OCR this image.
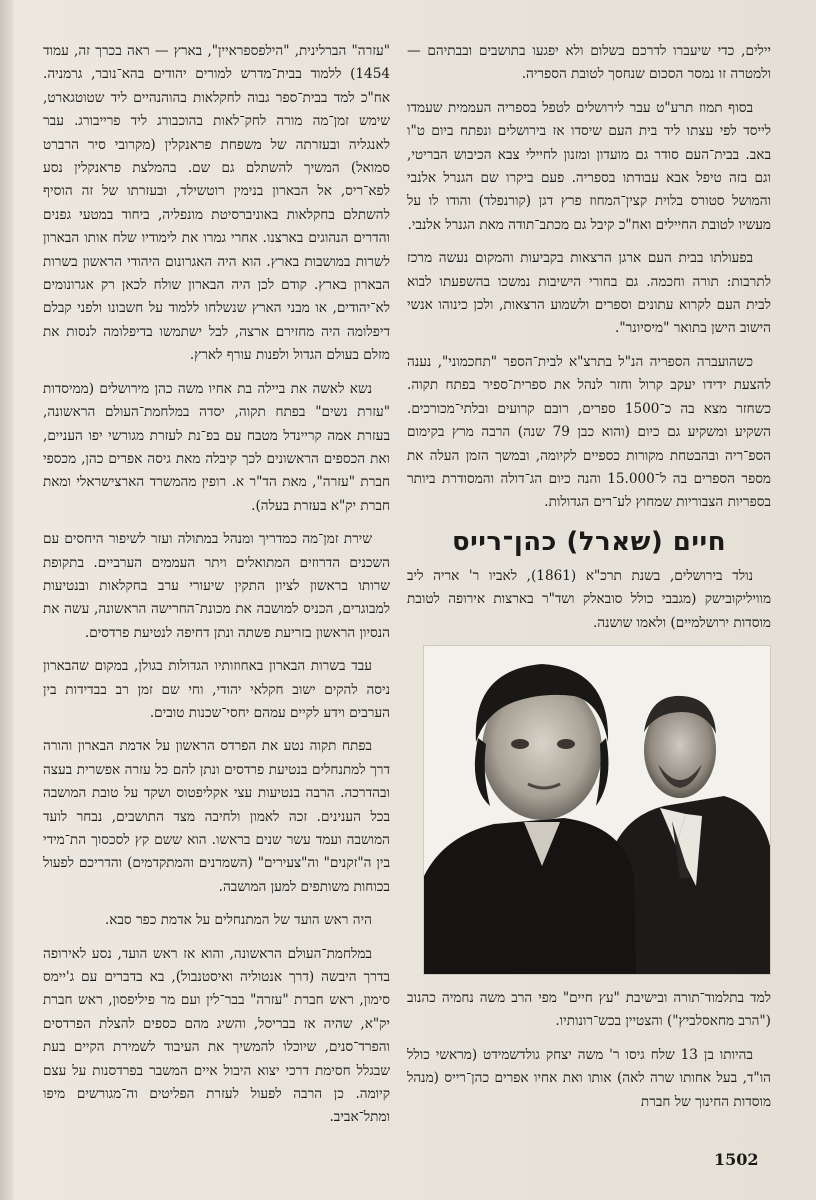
יילים, כדי שיעברו לדרכם בשלום ולא יפגעו בתושבים ובבתיהם — ולמטרה זו נמסר הסכום שנחסך לטובת הספריה.

בסוף תמוז תרע"ט עבר לירושלים לטפל בספריה העממית שעמדו לייסד לפי עצתו ליד בית העם שיסדו אז בירושלים ונפתח ביום ט"ו באב. בבית־העם סודר גם מועדון ומזנון לחיילי צבא הכיבוש הבריטי, וגם בזה טיפל אבא עבודתו בספריה. פעם ביקרו שם הגנרל אלנבי והמושל סטורס בלוית קצין־המחוז פרץ דגן (קורנפלד) והודו לו על מעשיו לטובת החיילים ואח"כ קיבל גם מכתב־תודה מאת הגנרל אלנבי.

בפעולתו בבית העם ארגן הרצאות בקביעות והמקום נעשה מרכז לתרבות: תורה וחכמה. גם בחורי הישיבות נמשכו בהשפעתו לבוא לבית העם לקרוא עתונים וספרים ולשמוע הרצאות, ולכן כינוהו אנשי הישוב הישן בתואר "מיסיונר".

כשהועברה הספריה הנ"ל בתרצ"א לבית־הספר "תחכמוני", נענה להצעת ידידו יעקב קרול וחזר לנהל את ספרית־ספיר בפתח תקוה. כשחזר מצא בה כ־1500 ספרים, רובם קרועים ובלתי־מכורכים. השקיע ומשקיע גם כיום (והוא כבן 79 שנה) הרבה מרץ בקימום הספ־ריה ובהבטחת מקורות כספיים לקיומה, ובמשך הזמן העלה את מספר הספרים בה ל־15.000 והנה כיום הג־דולה והמסודרת ביותר בספריות הצבוריות שמחוץ לע־רים הגדולות.

חיים (שארל) כהן־רייס

נולד בירושלים, בשנת תרכ"א (1861), לאביו ר' אריה ליב מוויליקובישק (מגבבי כולל סובאלק ושד"ר בארצות אירופה לטובת מוסדות ירושלמיים) ולאמו שושנה.

למד בתלמוד־תורה ובישיבת "עץ חיים" מפי הרב משה נחמיה כהנוב ("הרב מחאסלביץ") והצטיין בכש־רונותיו.

בהיותו בן 13 שלח גיסו ר' משה יצחק גולדשמידט (מראשי כולל הו"ד, בעל אחותו שרה לאה) אותו ואת אחיו אפרים כהן־רייס (מנהל מוסדות החינוך של חברת

"עזרה" הברלינית, "הילפספראיין", בארץ — ראה בכרך זה, עמוד 1454) ללמוד בבית־מדרש למורים יהודים בהא־נובר, גרמניה. אח"כ למד בבית־ספר גבוה לחקלאות בהוהנהיים ליד שטוטגארט, שימש זמן־מה מורה לחק־לאות בהוכבורג ליד פרייבורג. עבר לאנגליה ובעזרתה של משפחת פראנקלין (מקרובי סיר הרברט סמואל) המשיך להשתלם גם שם. בהמלצת פראנקלין נסע לפא־ריס, אל הבארון בנימין רוטשילד, ובעזרתו של זה הוסיף להשתלם בחקלאות באוניברסיטת מונפליה, ביחוד במטעי גפנים והדרים הנהוגים בארצנו. אחרי גמרו את לימודיו שלח אותו הבארון לשרות במושבות בארץ. הוא היה האגרונום היהודי הראשון בשרות הבארון בארץ. קודם לכן היה הבארון שולח לכאן רק אגרונומים לא־יהודים, או מבני הארץ שנשלחו ללמוד על חשבונו ולפני קבלם דיפלומה היה מחזירם ארצה, לבל ישתמשו בדיפלומה לנסות את מזלם בעולם הגדול ולפנות עורף לארץ.

נשא לאשה את ביילה בת אחיו משה כהן מירושלים (ממיסדות "עזרת נשים" בפתח תקוה, יסדה במלחמת־העולם הראשונה, בעזרת אמה קריינדל מטבח עם בפ־נת לעזרת מגורשי יפו העניים, ואת הכספים הראשונים לכך קיבלה מאת גיסה אפרים כהן, מכספי חברת "עזרה", מאת הד"ר א. רופין מהמשרד הארצישראלי ומאת חברת יק"א בעזרת בעלה).

שירת זמן־מה כמדריך ומנהל במתולה ועזר לשיפור היחסים עם השכנים הדרוזים המתואלים ויתר העממים הערביים. בתקופת שרותו בראשון לציון התקין שיעורי ערב בחקלאות ובנטיעות למבוגרים, הכניס למושבה את מכונת־החרישה הראשונה, עשה את הנסיון הראשון בזריעת פשתה ונתן דחיפה לנטיעת פרדסים.

עבד בשרות הבארון באחוזותיו הגדולות בגולן, במקום שהבארון ניסה להקים ישוב חקלאי יהודי, וחי שם זמן רב בבדידות בין הערבים וידע לקיים עמהם יחסי־שכנות טובים.

בפתח תקוה נטע את הפרדס הראשון על אדמת הבארון והורה דרך למתנחלים בנטיעת פרדסים ונתן להם כל עזרה אפשרית בעצה ובהדרכה. הרבה בנטיעות עצי אקליפטוס ושקד על טובת המושבה בכל הענינים. זכה לאמון ולחיבה מצד התושבים, נבחר לועד המושבה ועמד עשר שנים בראשו. הוא ששם קץ לסכסוך הת־מידי בין ה"זקנים" וה"צעירים" (השמרנים והמתקדמים) והדריכם לפעול בכוחות משותפים למען המושבה.

היה ראש הועד של המתנחלים על אדמת כפר סבא.

במלחמת־העולם הראשונה, והוא אז ראש הועד, נסע לאירופה בדרך היבשה (דרך אנטוליה ואיסטנבול), בא בדברים עם ג'יימס סימון, ראש חברת "עזרה" בבר־לין ועם מר פיליפסון, ראש חברת יק"א, שהיה אז בבריסל, והשיג מהם כספים להצלת הפרדסים והפרד־סנים, שיוכלו להמשיך את העיבוד לשמירת הקיים בעת שבגלל חסימת דרכי יצוא היבול איים המשבר בפרדסנות על עצם קיומה. כן הרבה לפעול לעזרת הפליטים וה־מגורשים מיפו ומתל־אביב.

1502
